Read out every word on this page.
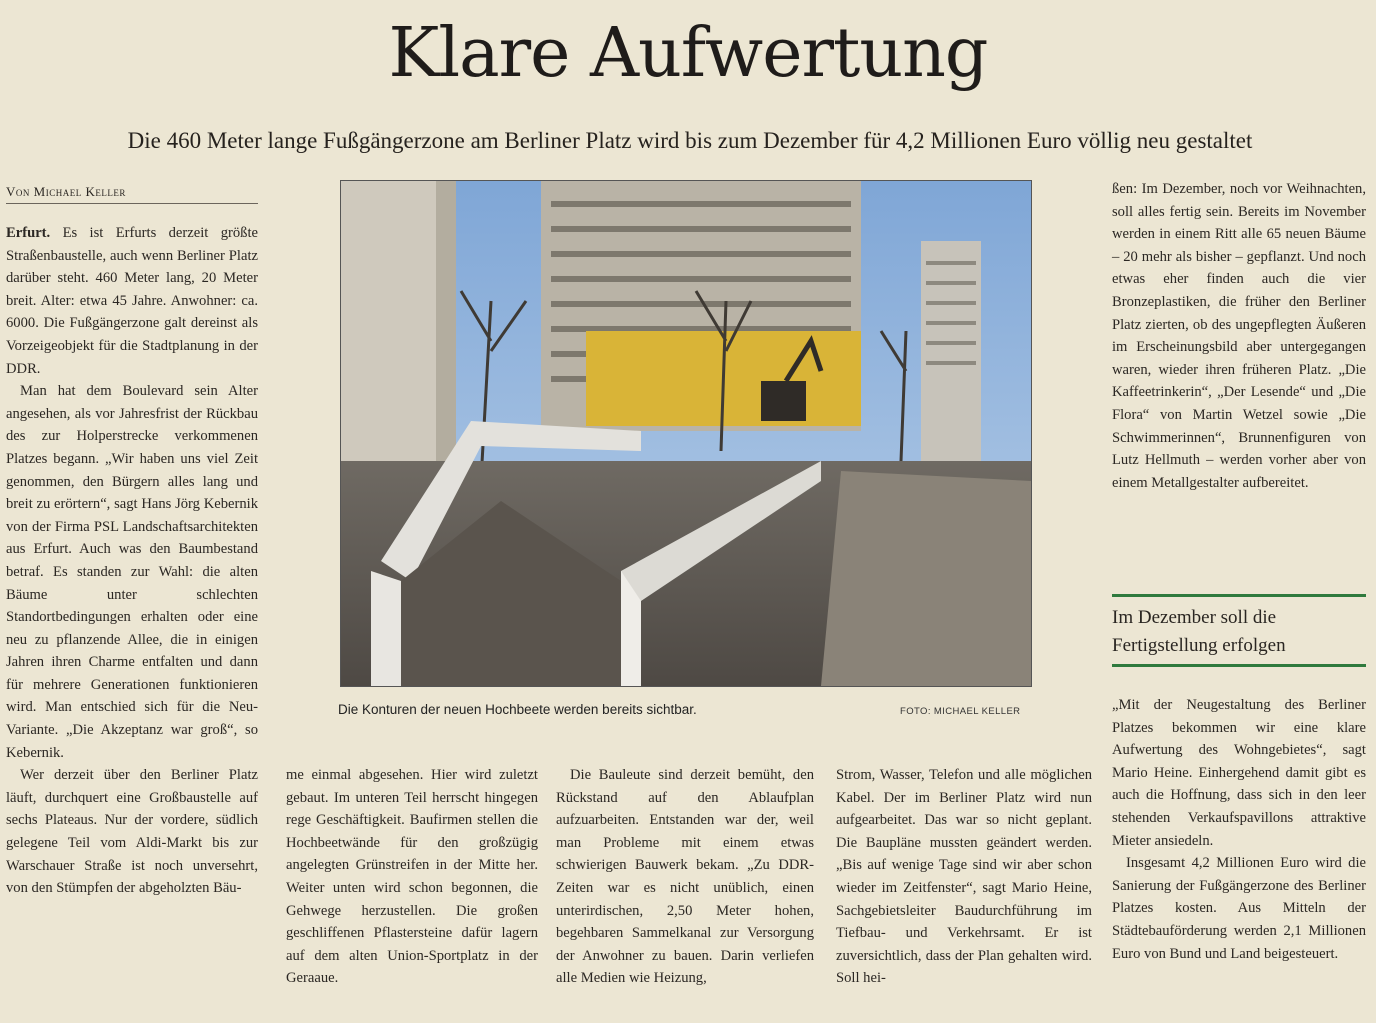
Klare Aufwertung
Die 460 Meter lange Fußgängerzone am Berliner Platz wird bis zum Dezember für 4,2 Millionen Euro völlig neu gestaltet
Von Michael Keller

Erfurt. Es ist Erfurts derzeit größte Straßenbaustelle, auch wenn Berliner Platz darüber steht. 460 Meter lang, 20 Meter breit. Alter: etwa 45 Jahre. Anwohner: ca. 6000. Die Fußgängerzone galt dereinst als Vorzeigeobjekt für die Stadtplanung in der DDR.

Man hat dem Boulevard sein Alter angesehen, als vor Jahresfrist der Rückbau des zur Holperstrecke verkommenen Platzes begann. „Wir haben uns viel Zeit genommen, den Bürgern alles lang und breit zu erörtern“, sagt Hans Jörg Kebernik von der Firma PSL Landschaftsarchitekten aus Erfurt. Auch was den Baumbestand betraf. Es standen zur Wahl: die alten Bäume unter schlechten Standortbedingungen erhalten oder eine neu zu pflanzende Allee, die in einigen Jahren ihren Charme entfalten und dann für mehrere Generationen funktionieren wird. Man entschied sich für die Neu-Variante. „Die Akzeptanz war groß“, so Kebernik.

Wer derzeit über den Berliner Platz läuft, durchquert eine Großbaustelle auf sechs Plateaus. Nur der vordere, südlich gelegene Teil vom Aldi-Markt bis zur Warschauer Straße ist noch unversehrt, von den Stümpfen der abgeholzten Bäu-

Die Konturen der neuen Hochbeete werden bereits sichtbar.	FOTO: MICHAEL KELLER

me einmal abgesehen. Hier wird zuletzt gebaut. Im unteren Teil herrscht hingegen rege Geschäftigkeit. Baufirmen stellen die Hochbeetwände für den großzügig angelegten Grünstreifen in der Mitte her. Weiter unten wird schon begonnen, die Gehwege herzustellen. Die großen geschliffenen Pflastersteine dafür lagern auf dem alten Union-Sportplatz in der Geraaue.

Die Bauleute sind derzeit bemüht, den Rückstand auf den Ablaufplan aufzuarbeiten. Entstanden war der, weil man Probleme mit einem etwas schwierigen Bauwerk bekam. „Zu DDR-Zeiten war es nicht unüblich, einen unterirdischen, 2,50 Meter hohen, begehbaren Sammelkanal zur Versorgung der Anwohner zu bauen. Darin verliefen alle Medien wie Heizung,

Strom, Wasser, Telefon und alle möglichen Kabel. Der im Berliner Platz wird nun aufgearbeitet. Das war so nicht geplant. Die Baupläne mussten geändert werden. „Bis auf wenige Tage sind wir aber schon wieder im Zeitfenster“, sagt Mario Heine, Sachgebietsleiter Baudurchführung im Tiefbau- und Verkehrsamt. Er ist zuversichtlich, dass der Plan gehalten wird. Soll hei-

ßen: Im Dezember, noch vor Weihnachten, soll alles fertig sein. Bereits im November werden in einem Ritt alle 65 neuen Bäume – 20 mehr als bisher – gepflanzt. Und noch etwas eher finden auch die vier Bronzeplastiken, die früher den Berliner Platz zierten, ob des ungepflegten Äußeren im Erscheinungsbild aber untergegangen waren, wieder ihren früheren Platz. „Die Kaffeetrinkerin“, „Der Lesende“ und „Die Flora“ von Martin Wetzel sowie „Die Schwimmerinnen“, Brunnenfiguren von Lutz Hellmuth – werden vorher aber von einem Metallgestalter aufbereitet.

Im Dezember soll die Fertigstellung erfolgen

„Mit der Neugestaltung des Berliner Platzes bekommen wir eine klare Aufwertung des Wohngebietes“, sagt Mario Heine. Einhergehend damit gibt es auch die Hoffnung, dass sich in den leer stehenden Verkaufspavillons attraktive Mieter ansiedeln.

Insgesamt 4,2 Millionen Euro wird die Sanierung der Fußgängerzone des Berliner Platzes kosten. Aus Mitteln der Städtebauförderung werden 2,1 Millionen Euro von Bund und Land beigesteuert.
